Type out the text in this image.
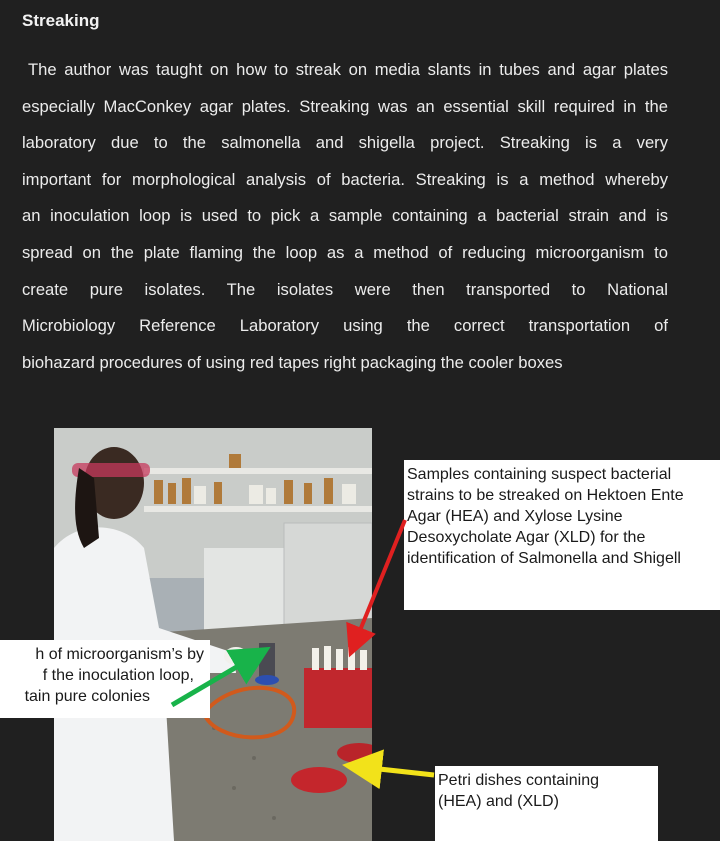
Streaking
The author was taught on how to streak on media slants in tubes and agar plates
especially MacConkey agar plates. Streaking was an essential skill required in the
laboratory due to the salmonella and shigella project. Streaking is a very
important for morphological analysis of bacteria. Streaking is a method whereby
an inoculation loop is used to pick a sample containing a bacterial strain and is
spread on the plate flaming the loop as a method of reducing microorganism to
create pure isolates. The isolates were then transported to National
Microbiology Reference Laboratory using the correct transportation of
biohazard procedures of using red tapes right packaging the cooler boxes
Samples containing suspect bacterial
strains to be streaked on Hektoen Ente
Agar (HEA) and Xylose Lysine
Desoxycholate Agar (XLD) for the
identification of Salmonella and Shigell
h of microorganism’s by
f the inoculation loop,
tain pure colonies
Petri dishes containing
(HEA) and (XLD)
